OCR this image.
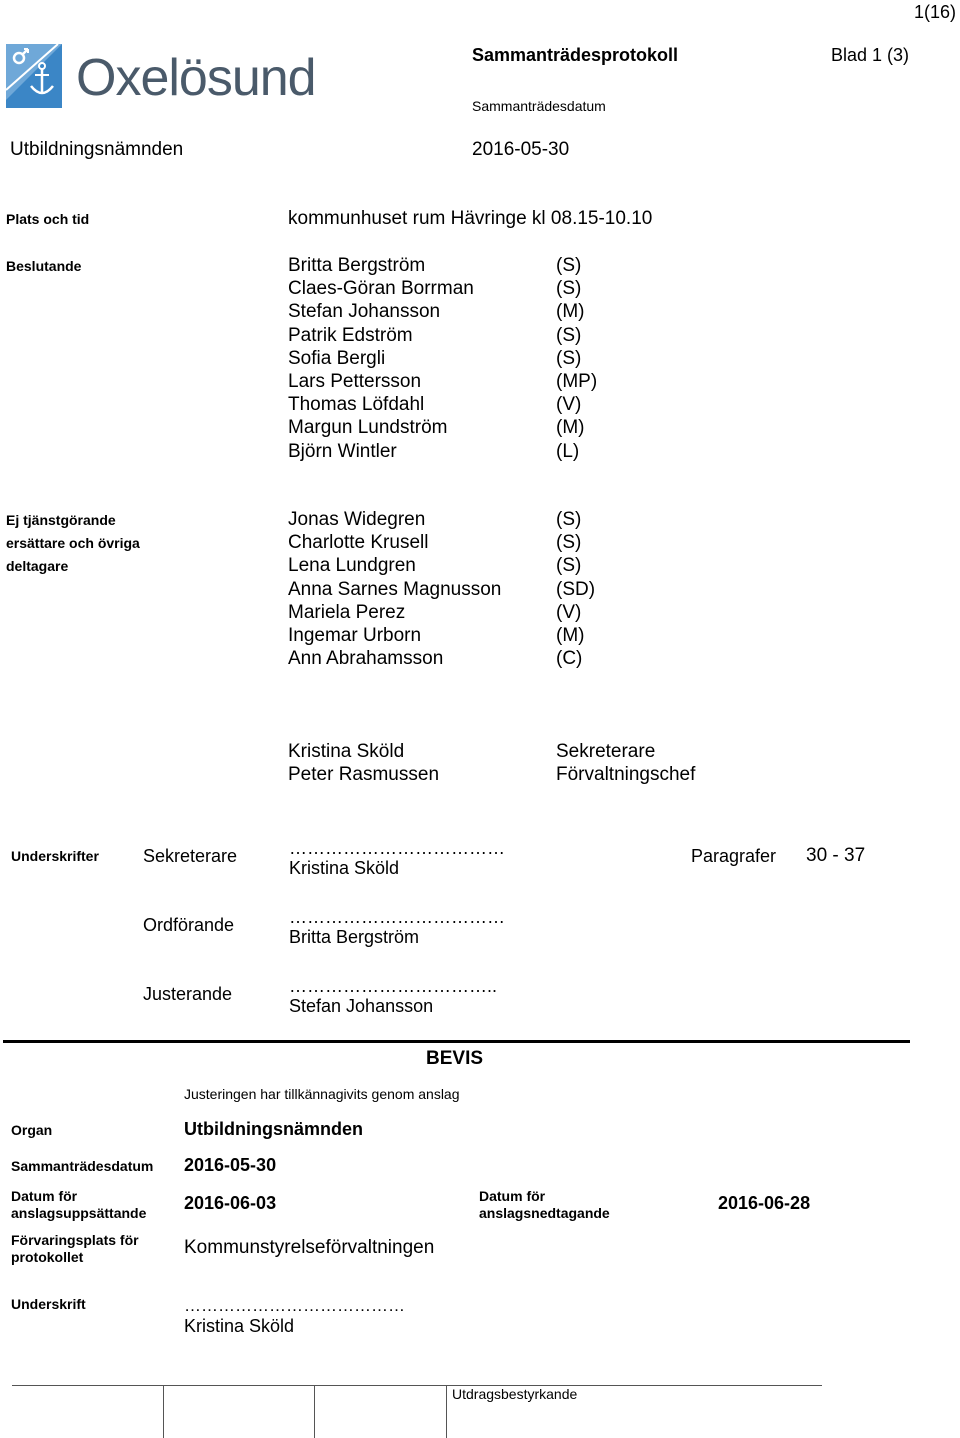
1(16)
Oxelösund	Sammanträdesprotokoll	Blad 1 (3)
Sammanträdesdatum
Utbildningsnämnden	2016-05-30
Plats och tid	kommunhuset rum Hävringe kl 08.15-10.10
Beslutande	Britta Bergström	(S)
Claes-Göran Borrman	(S)
Stefan Johansson	(M)
Patrik Edström	(S)
Sofia Bergli	(S)
Lars Pettersson	(MP)
Thomas Löfdahl	(V)
Margun Lundström	(M)
Björn Wintler	(L)
Ej tjänstgörande
ersättare och övriga
deltagare
Jonas Widegren	(S)
Charlotte Krusell	(S)
Lena Lundgren	(S)
Anna Sarnes Magnusson	(SD)
Mariela Perez	(V)
Ingemar Urborn	(M)
Ann Abrahamsson	(C)
Kristina Sköld	Sekreterare
Peter Rasmussen	Förvaltningschef
Underskrifter Sekreterare	………………………………
Kristina Sköld
Paragrafer 30 - 37
Ordförande	………………………………
Britta Bergström
Justerande	……………………………..
Stefan Johansson
BEVIS
Justeringen har tillkännagivits genom anslag
Organ	Utbildningsnämnden
Sammanträdesdatum 2016-05-30
Datum för
anslagsuppsättande 2016-06-03	Datum för
anslagsnedtagande	2016-06-28
Förvaringsplats för
protokollet	Kommunstyrelseförvaltningen
Underskrift	…………………………………
Kristina Sköld
Utdragsbestyrkande
